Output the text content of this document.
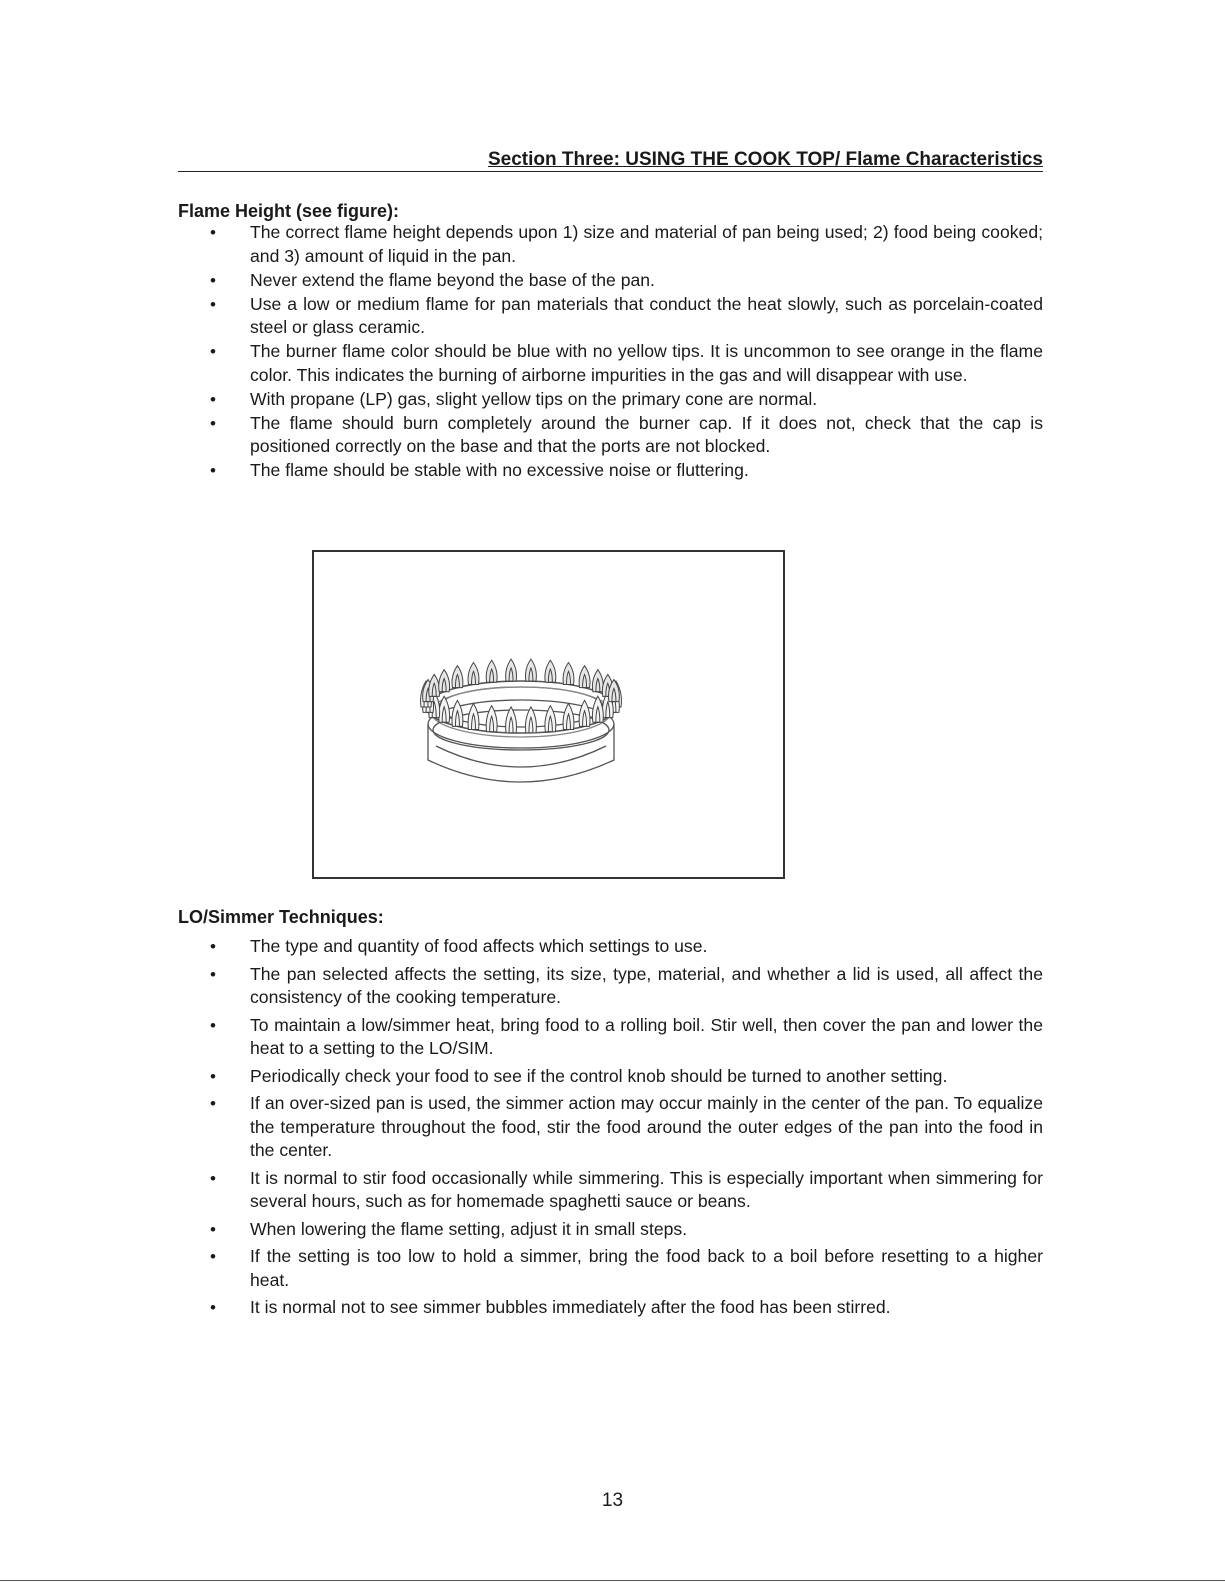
Section Three: USING THE COOK TOP/ Flame Characteristics
Flame Height (see figure):
• The correct flame height depends upon 1) size and material of pan being used; 2) food being cooked; and 3) amount of liquid in the pan.
• Never extend the flame beyond the base of the pan.
• Use a low or medium flame for pan materials that conduct the heat slowly, such as porcelain-coated steel or glass ceramic.
• The burner flame color should be blue with no yellow tips. It is uncommon to see orange in the flame color. This indicates the burning of airborne impurities in the gas and will disappear with use.
• With propane (LP) gas, slight yellow tips on the primary cone are normal.
• The flame should burn completely around the burner cap. If it does not, check that the cap is positioned correctly on the base and that the ports are not blocked.
• The flame should be stable with no excessive noise or fluttering.
LO/Simmer Techniques:
• The type and quantity of food affects which settings to use.
• The pan selected affects the setting, its size, type, material, and whether a lid is used, all affect the consistency of the cooking temperature.
• To maintain a low/simmer heat, bring food to a rolling boil. Stir well, then cover the pan and lower the heat to a setting to the LO/SIM.
• Periodically check your food to see if the control knob should be turned to another setting.
• If an over-sized pan is used, the simmer action may occur mainly in the center of the pan. To equalize the temperature throughout the food, stir the food around the outer edges of the pan into the food in the center.
• It is normal to stir food occasionally while simmering. This is especially important when simmering for several hours, such as for homemade spaghetti sauce or beans.
• When lowering the flame setting, adjust it in small steps.
• If the setting is too low to hold a simmer, bring the food back to a boil before resetting to a higher heat.
• It is normal not to see simmer bubbles immediately after the food has been stirred.
13
